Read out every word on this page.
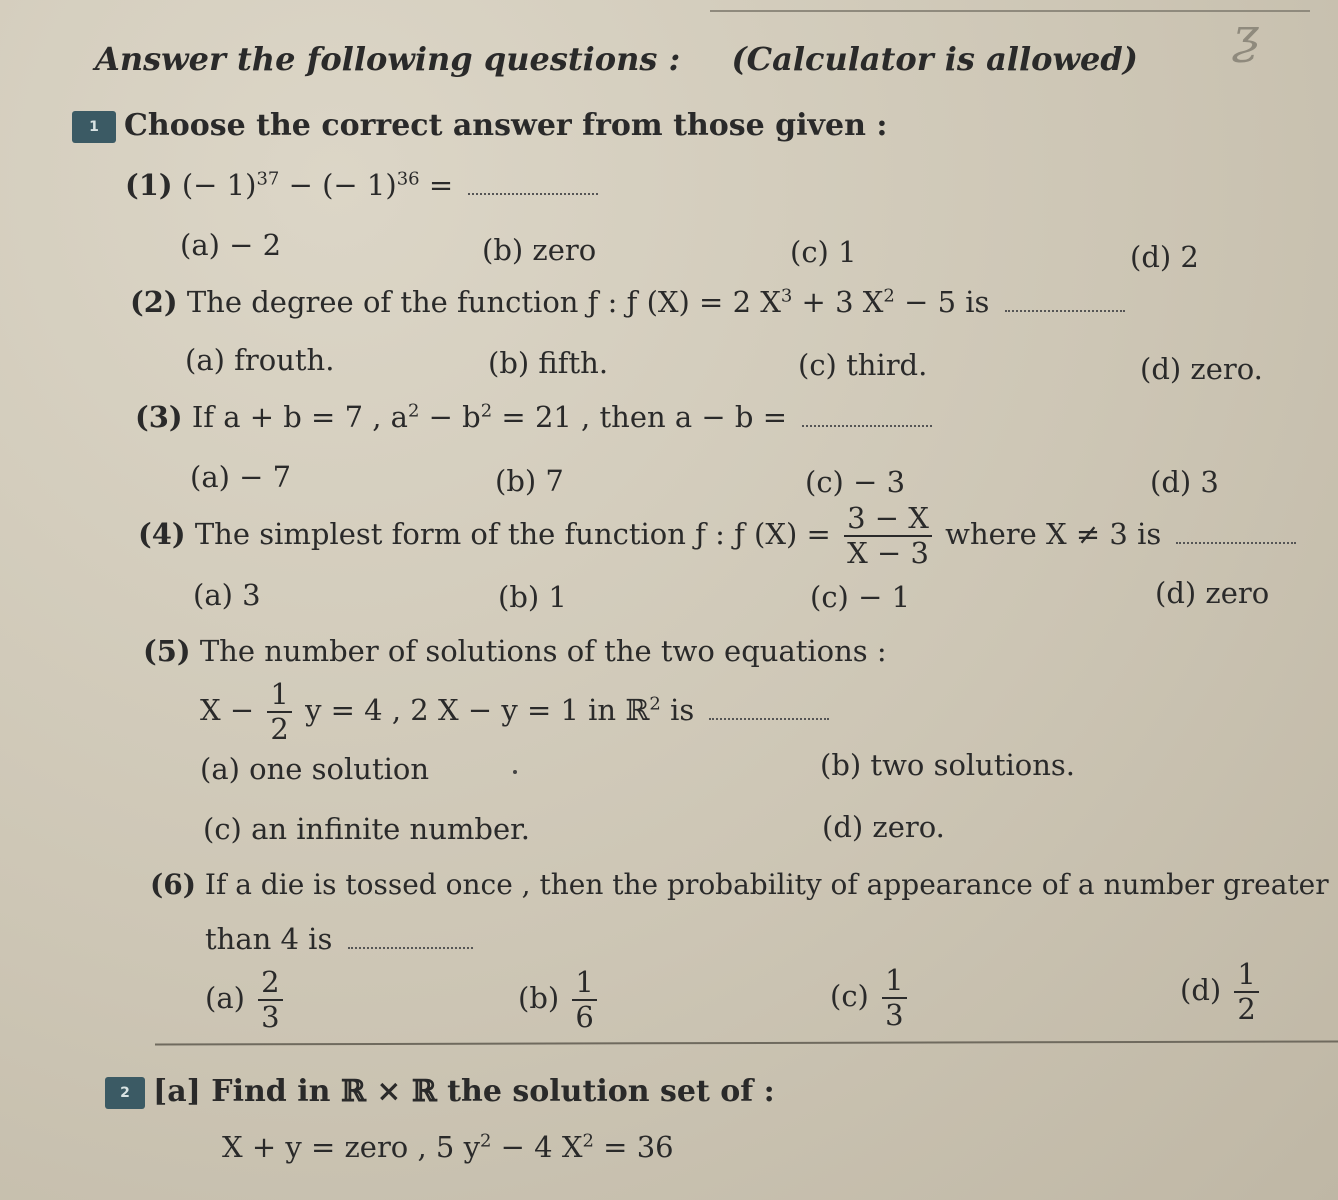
ƺ
Answer the following questions : (Calculator is allowed)
1 Choose the correct answer from those given :
(1) (− 1)$^{37}$ − (− 1)$^{36}$ =
(a) − 2	(b) zero	(c) 1	(d) 2
(2) The degree of the function ƒ : ƒ (X) = 2 $X^3 + 3$ $X^2 - 5$ is
(a) frouth.	(b) fifth.	(c) third.	(d) zero.
(3) If a + b = 7 , $a^2 - b^2 = 21$ , then a − b =
(a) − 7	(b) 7	(c) − 3	(d) 3
(4) The simplest form of the function ƒ : ƒ $(X) = \frac{3 - X}{X - 3}$ where X ≠ 3 is
(a) 3	(b) 1	(c) − 1	(d) zero
(5) The number of solutions of the two equations :
$X - \frac{1}{2}$ y = 4 , 2 X − y = 1 in ℝ$^2$ is
(a) one solution	(b) two solutions.
(c) an infinite number.	(d) zero.
(6) If a die is tossed once , then the probability of appearance of a number greater
than 4 is
$(a) \frac{2}{3}$	$(b) \frac{1}{6}$	$(c) \frac{1}{3}$	$(d) \frac{1}{2}$
2 [a] Find in ℝ × ℝ the solution set of :
X + y = zero , 5 $y^2 - 4$ $X^2 = 36$
